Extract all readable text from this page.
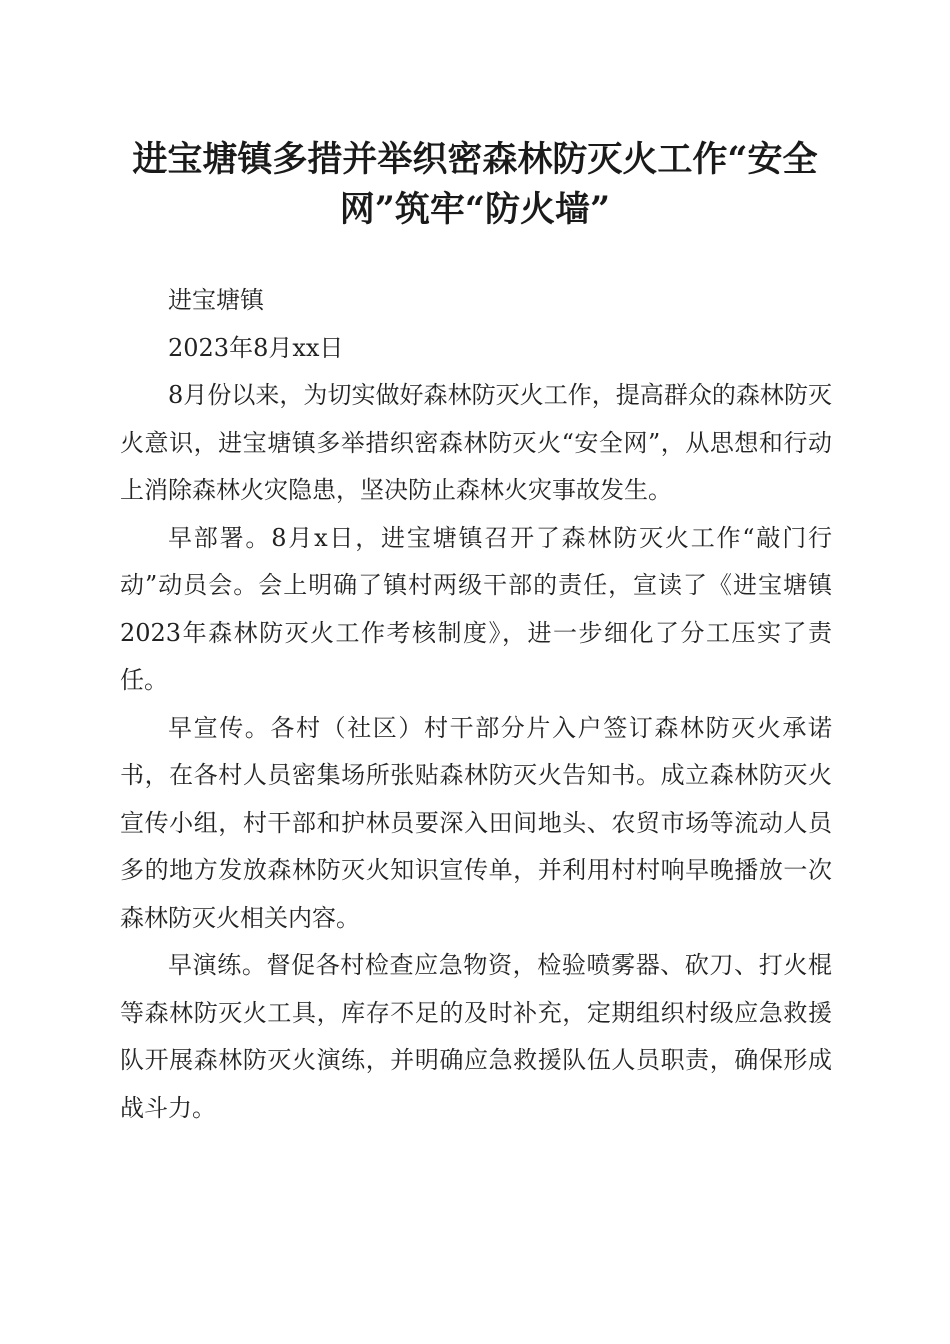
进宝塘镇多措并举织密森林防灭火工作“安全网”筑牢“防火墙”

进宝塘镇

2023年8月xx日

8月份以来，为切实做好森林防灭火工作，提高群众的森林防灭火意识，进宝塘镇多举措织密森林防灭火“安全网”，从思想和行动上消除森林火灾隐患，坚决防止森林火灾事故发生。

早部署。8月x日，进宝塘镇召开了森林防灭火工作“敲门行动”动员会。会上明确了镇村两级干部的责任，宣读了《进宝塘镇2023年森林防灭火工作考核制度》，进一步细化了分工压实了责任。

早宣传。各村（社区）村干部分片入户签订森林防灭火承诺书，在各村人员密集场所张贴森林防灭火告知书。成立森林防灭火宣传小组，村干部和护林员要深入田间地头、农贸市场等流动人员多的地方发放森林防灭火知识宣传单，并利用村村响早晚播放一次森林防灭火相关内容。

早演练。督促各村检查应急物资，检验喷雾器、砍刀、打火棍等森林防灭火工具，库存不足的及时补充，定期组织村级应急救援队开展森林防灭火演练，并明确应急救援队伍人员职责，确保形成战斗力。
